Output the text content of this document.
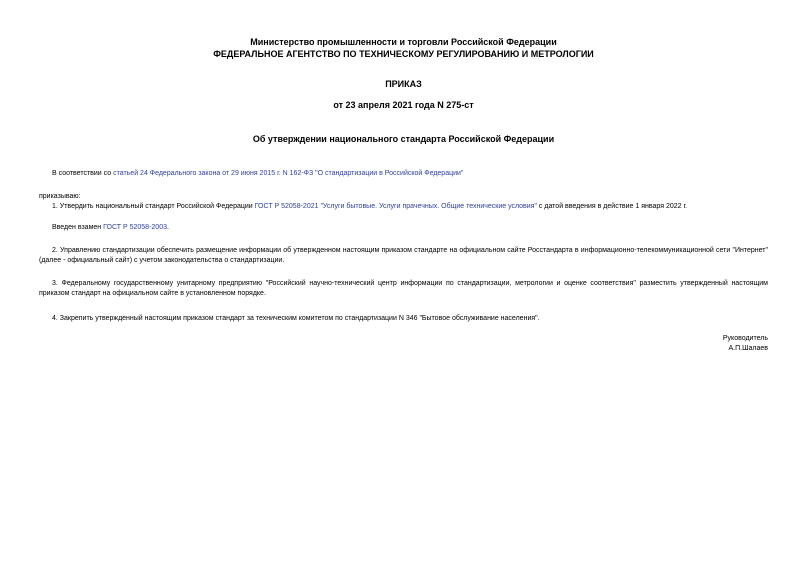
Министерство промышленности и торговли Российской Федерации
ФЕДЕРАЛЬНОЕ АГЕНТСТВО ПО ТЕХНИЧЕСКОМУ РЕГУЛИРОВАНИЮ И МЕТРОЛОГИИ
ПРИКАЗ
от 23 апреля 2021 года N 275-ст
Об утверждении национального стандарта Российской Федерации
В соответствии со статьей 24 Федерального закона от 29 июня 2015 г. N 162-ФЗ "О стандартизации в Российской Федерации"
приказываю:
1. Утвердить национальный стандарт Российской Федерации ГОСТ Р 52058-2021 "Услуги бытовые. Услуги прачечных. Общие технические условия" с датой введения в действие 1 января 2022 г.
Введен взамен ГОСТ Р 52058-2003.
2. Управлению стандартизации обеспечить размещение информации об утвержденном настоящим приказом стандарте на официальном сайте Росстандарта в информационно-телекоммуникационной сети "Интернет" (далее - официальный сайт) с учетом законодательства о стандартизации.
3. Федеральному государственному унитарному предприятию "Российский научно-технический центр информации по стандартизации, метрологии и оценке соответствия" разместить утвержденный настоящим приказом стандарт на официальном сайте в установленном порядке.
4. Закрепить утвержденный настоящим приказом стандарт за техническим комитетом по стандартизации N 346 "Бытовое обслуживание населения".
Руководитель
А.П.Шалаев
